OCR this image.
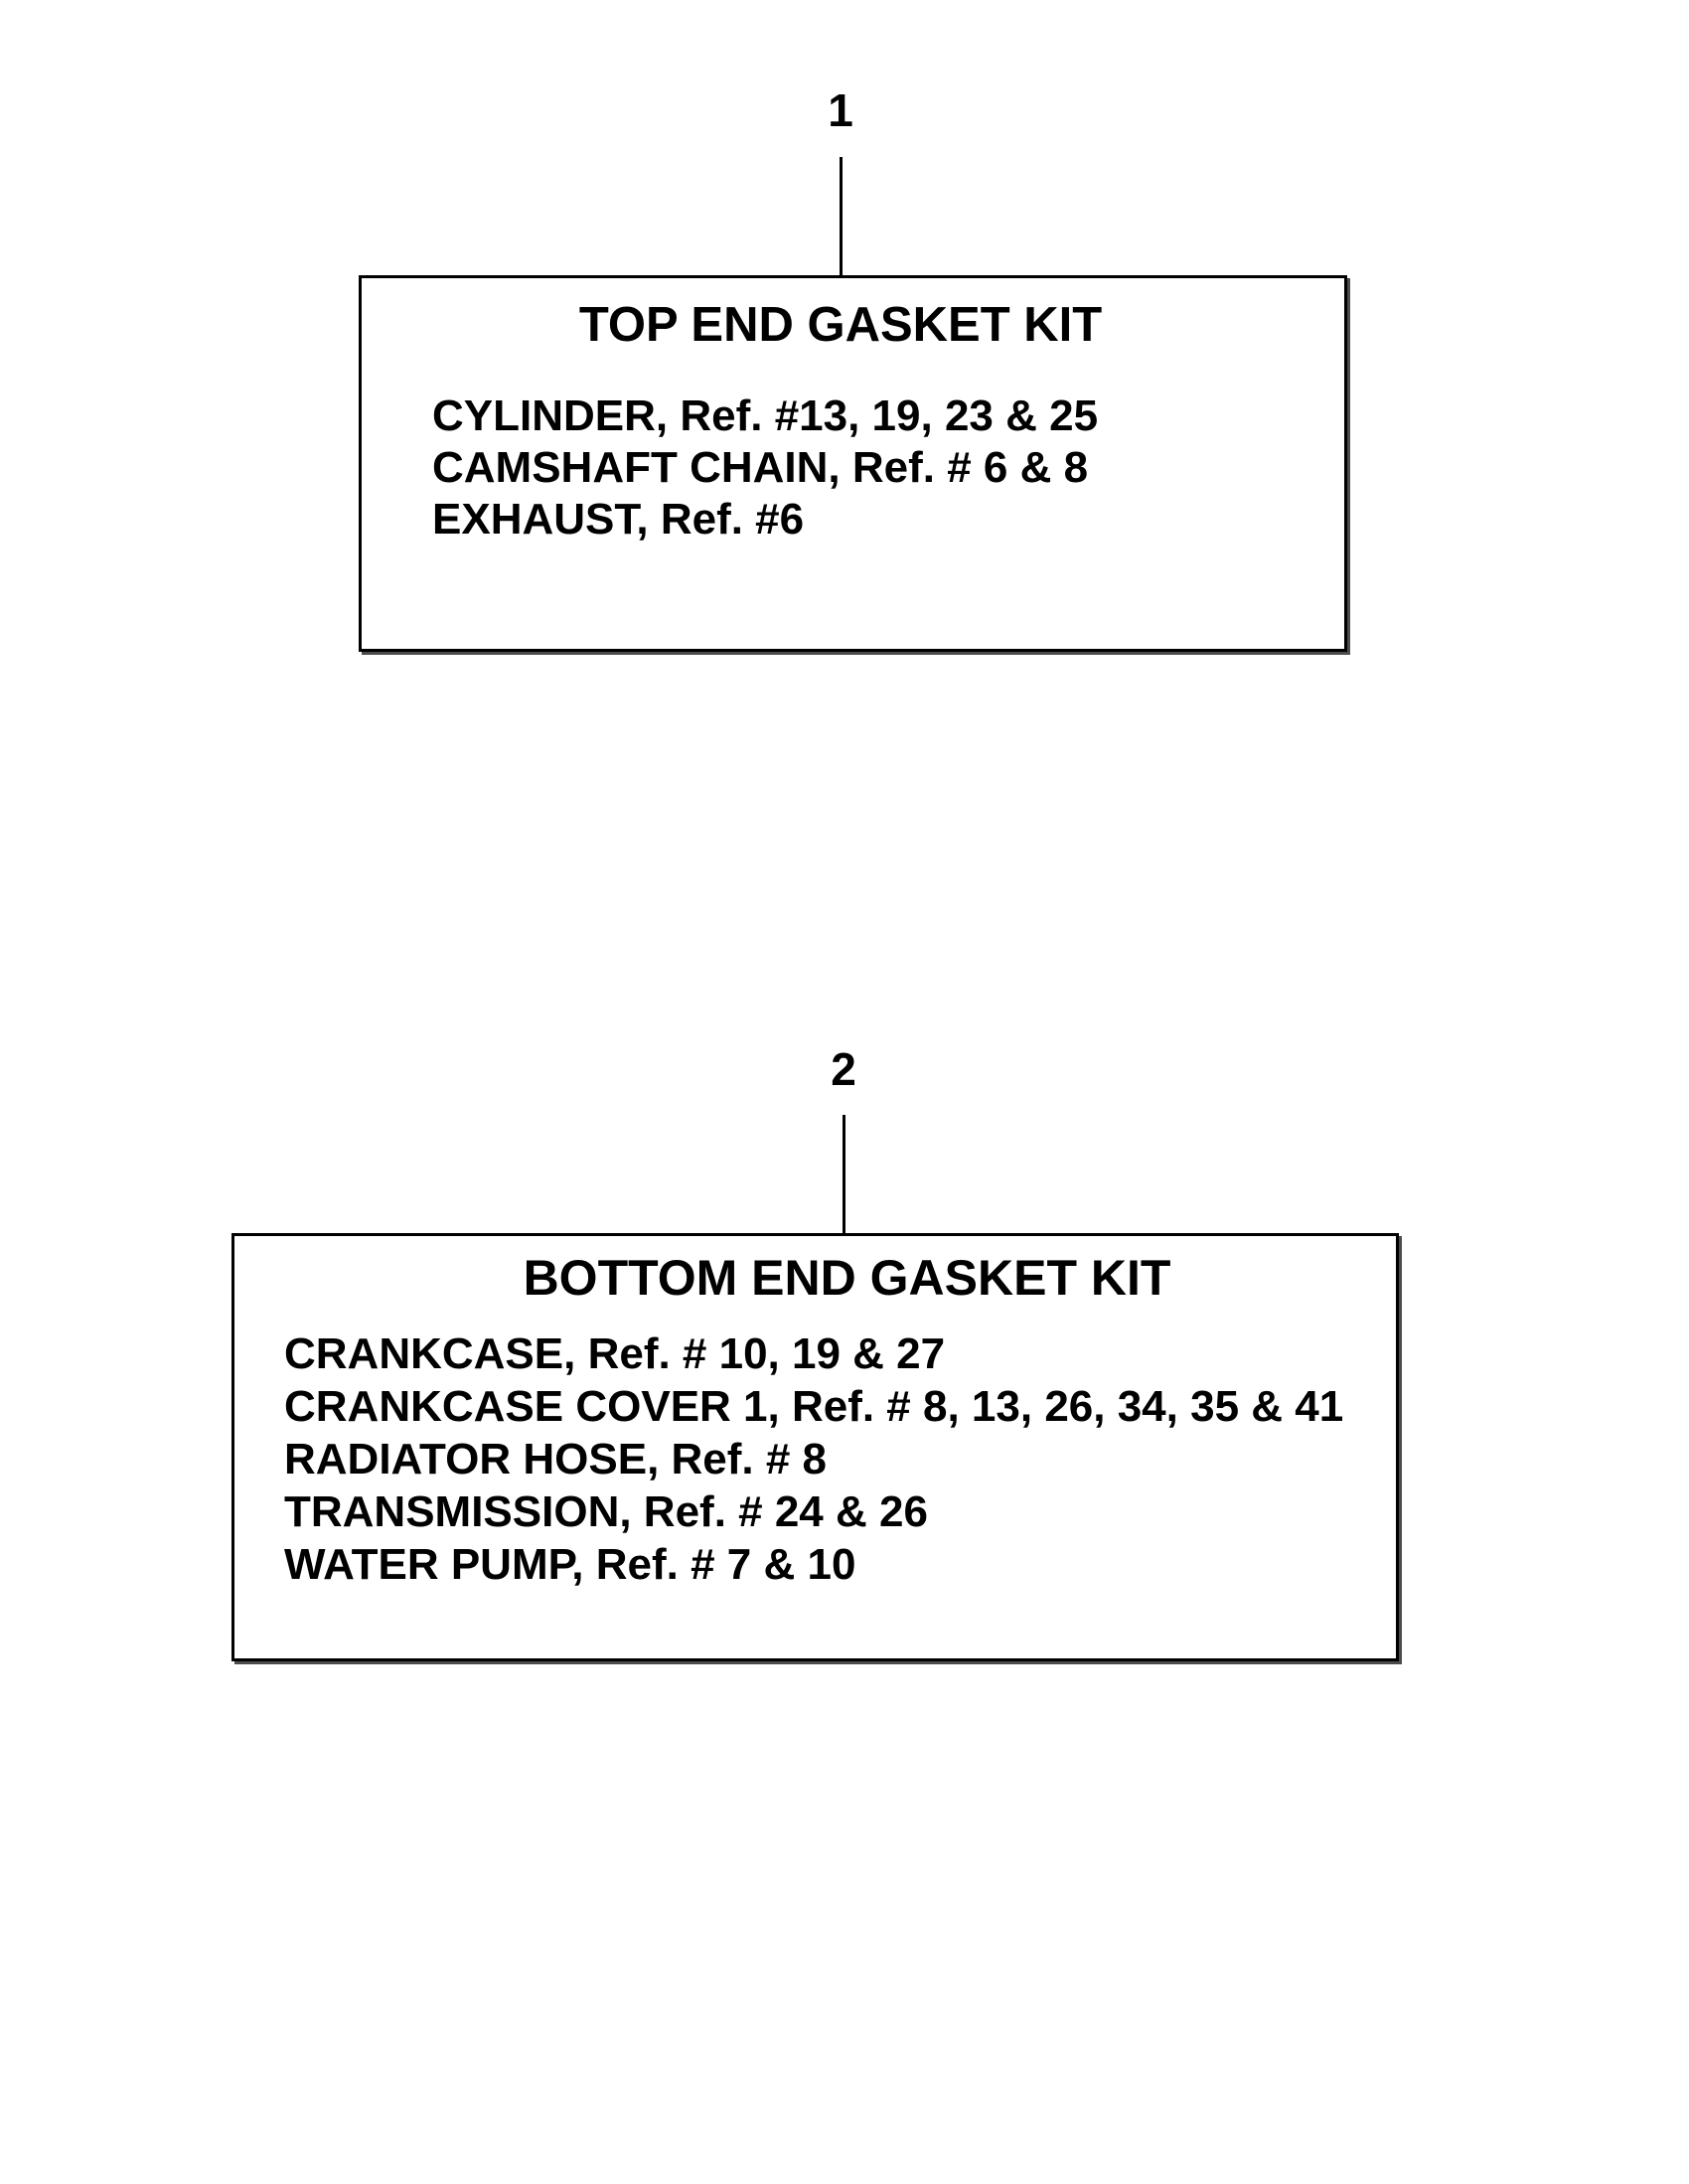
1
TOP END GASKET KIT
CYLINDER, Ref. #13, 19, 23 & 25
CAMSHAFT CHAIN, Ref. # 6 & 8
EXHAUST, Ref. #6
2
BOTTOM END GASKET KIT
CRANKCASE, Ref. # 10, 19 & 27
CRANKCASE COVER 1, Ref. # 8, 13, 26, 34, 35 & 41
RADIATOR HOSE, Ref. # 8
TRANSMISSION, Ref. # 24 & 26
WATER PUMP, Ref. # 7 & 10
